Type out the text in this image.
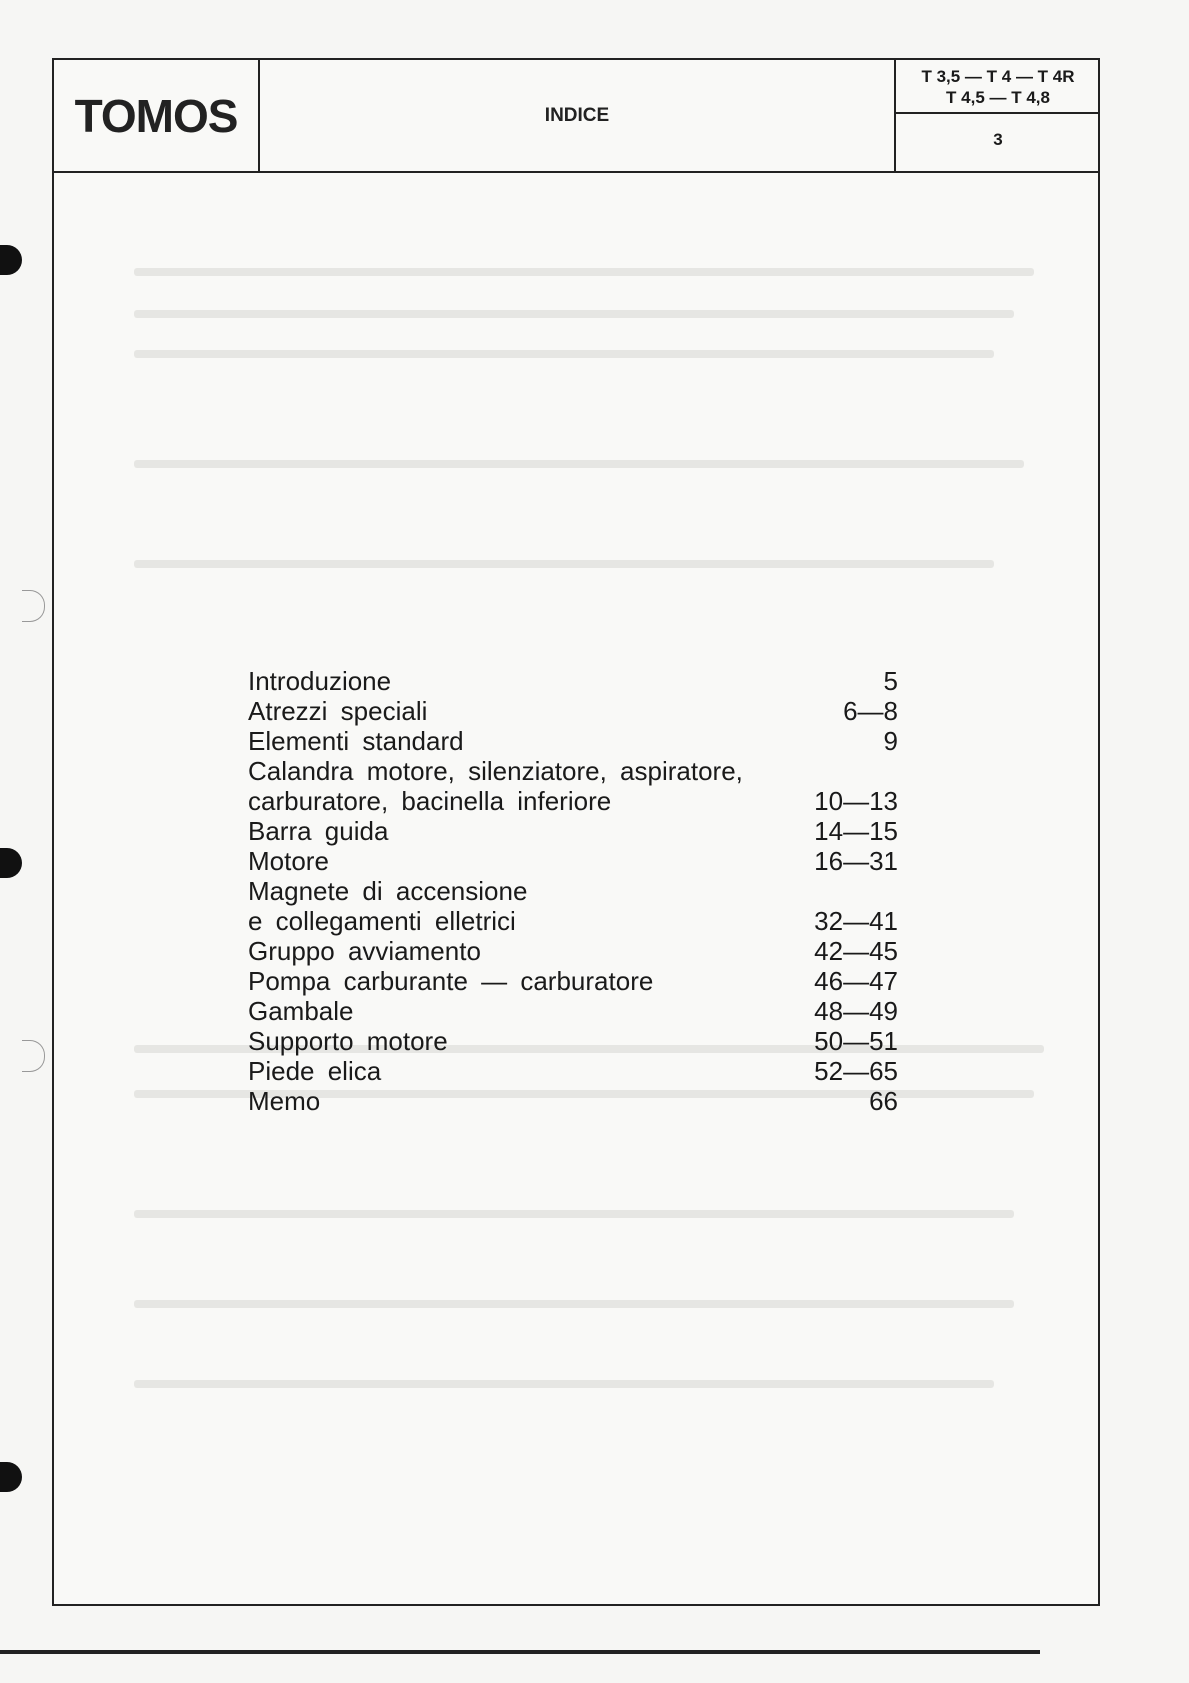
TOMOS	INDICE
T 3,5 — T 4 — T 4R
T 4,5 — T 4,8
3
Introduzione	5
Atrezzi speciali	6—8
Elementi standard	9
Calandra motore, silenziatore, aspiratore,
carburatore, bacinella inferiore	10—13
Barra guida	14—15
Motore	16—31
Magnete di accensione
e collegamenti elletrici	32—41
Gruppo avviamento	42—45
Pompa carburante — carburatore	46—47
Gambale	48—49
Supporto motore	50—51
Piede elica	52—65
Memo	66
